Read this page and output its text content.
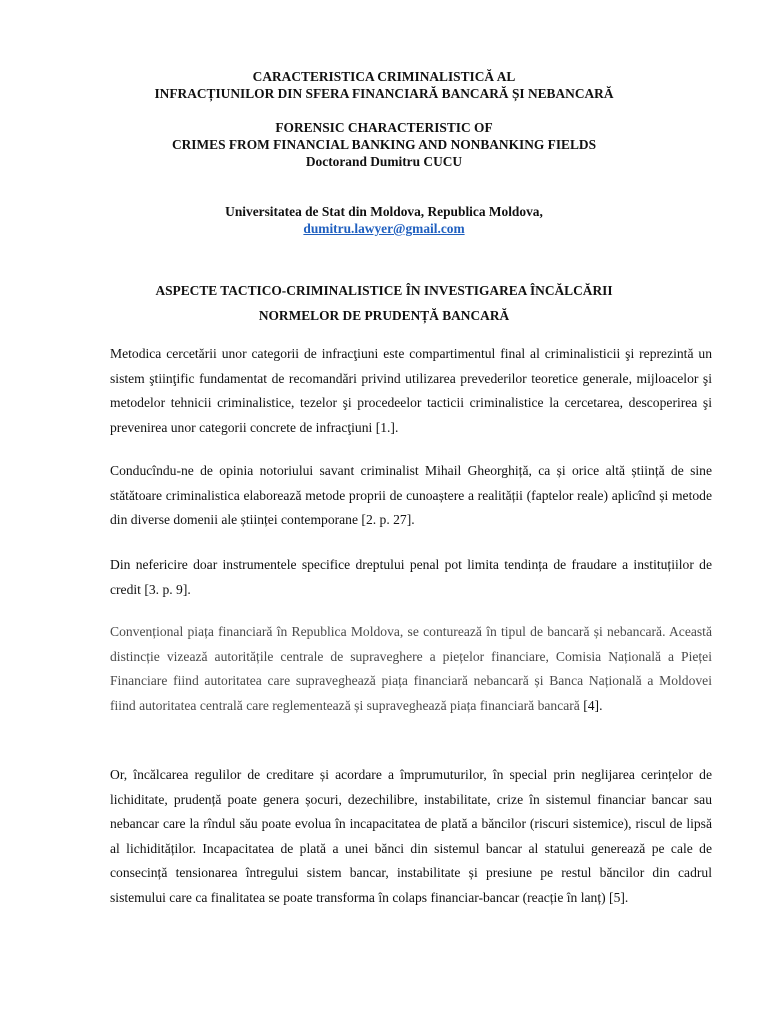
CARACTERISTICA CRIMINALISTICĂ AL
INFRACȚIUNILOR DIN SFERA FINANCIARĂ BANCARĂ ȘI NEBANCARĂ
FORENSIC CHARACTERISTIC OF
CRIMES FROM FINANCIAL BANKING AND NONBANKING FIELDS
Doctorand Dumitru CUCU
Universitatea de Stat din Moldova, Republica Moldova,
dumitru.lawyer@gmail.com
ASPECTE TACTICO-CRIMINALISTICE ÎN INVESTIGAREA ÎNCĂLCĂRII
NORMELOR DE PRUDENȚĂ BANCARĂ

Metodica cercetării unor categorii de infracţiuni este compartimentul final al criminalisticii şi reprezintă un sistem ştiinţific fundamentat de recomandări privind utilizarea prevederilor teoretice generale, mijloacelor şi metodelor tehnicii criminalistice, tezelor şi procedeelor tacticii criminalistice la cercetarea, descoperirea şi prevenirea unor categorii concrete de infracţiuni [1.].

Conducîndu-ne de opinia notoriului savant criminalist Mihail Gheorghiță, ca și orice altă știință de sine stătătoare criminalistica elaborează metode proprii de cunoaștere a realității (faptelor reale) aplicînd și metode din diverse domenii ale științei contemporane [2. p. 27].

Din nefericire doar instrumentele specifice dreptului penal pot limita tendința de fraudare a instituțiilor de credit [3. p. 9].

Convențional piața financiară în Republica Moldova, se conturează în tipul de bancară și nebancară. Această distincție vizează autoritățile centrale de supraveghere a piețelor financiare, Comisia Națională a Pieței Financiare fiind autoritatea care supraveghează piața financiară nebancară și Banca Națională a Moldovei fiind autoritatea centrală care reglementează și supraveghează piața financiară bancară [4].

Or, încălcarea regulilor de creditare și acordare a împrumuturilor, în special prin neglijarea cerințelor de lichiditate, prudență poate genera șocuri, dezechilibre, instabilitate, crize în sistemul financiar bancar sau nebancar care la rîndul său poate evolua în incapacitatea de plată a băncilor (riscuri sistemice), riscul de lipsă al lichidităților. Incapacitatea de plată a unei bănci din sistemul bancar al statului generează pe cale de consecință tensionarea întregului sistem bancar, instabilitate și presiune pe restul băncilor din cadrul sistemului care ca finalitatea se poate transforma în colaps financiar-bancar (reacție în lanț) [5].
